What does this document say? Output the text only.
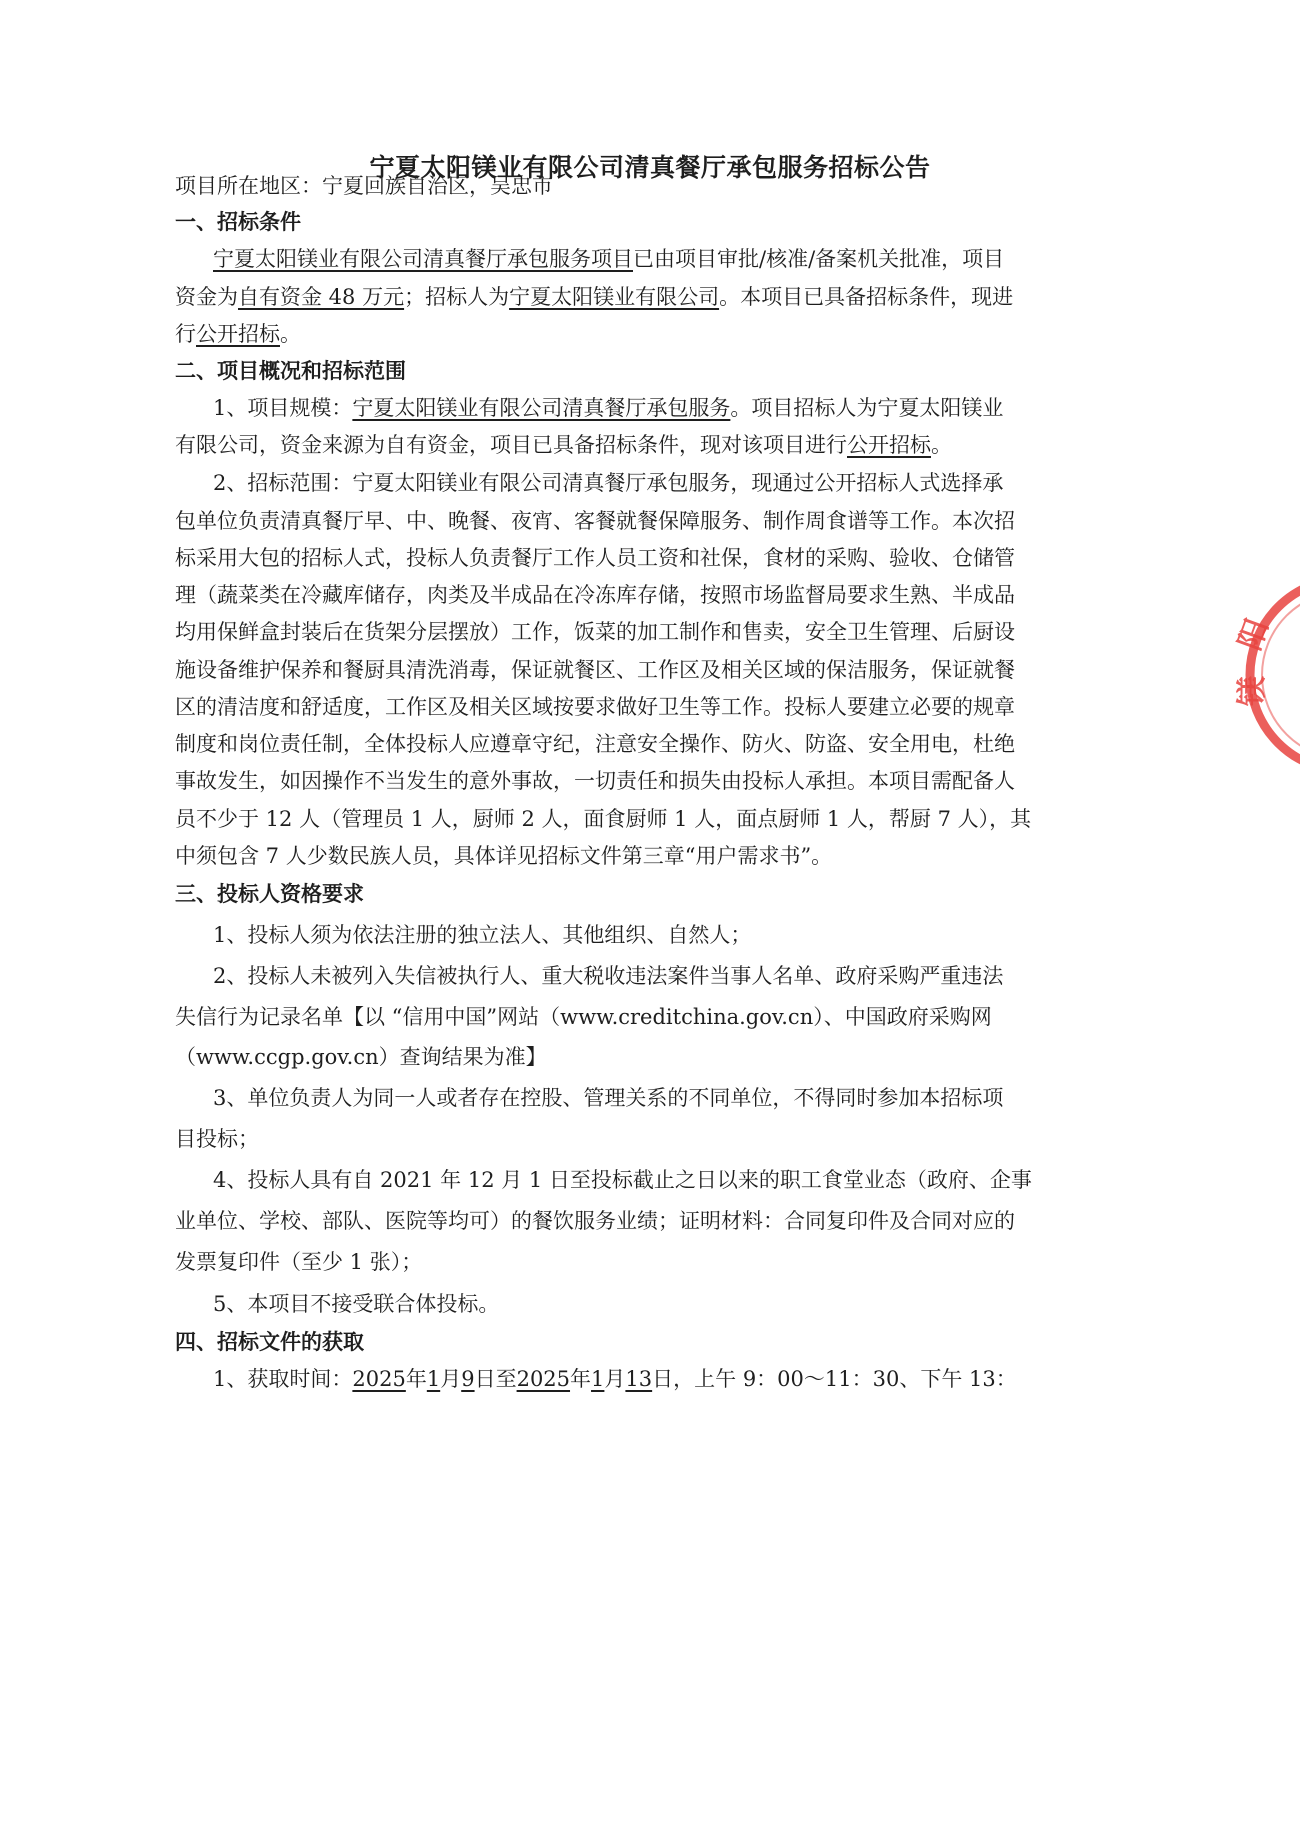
宁夏太阳镁业有限公司清真餐厅承包服务招标公告
项目所在地区：宁夏回族自治区，吴忠市
一、招标条件
宁夏太阳镁业有限公司清真餐厅承包服务项目已由项目审批/核准/备案机关批准，项目
资金为自有资金 48 万元；招标人为宁夏太阳镁业有限公司。本项目已具备招标条件，现进
行公开招标。
二、项目概况和招标范围
1、项目规模：宁夏太阳镁业有限公司清真餐厅承包服务。项目招标人为宁夏太阳镁业
有限公司，资金来源为自有资金，项目已具备招标条件，现对该项目进行公开招标。
2、招标范围：宁夏太阳镁业有限公司清真餐厅承包服务，现通过公开招标人式选择承
包单位负责清真餐厅早、中、晚餐、夜宵、客餐就餐保障服务、制作周食谱等工作。本次招
标采用大包的招标人式，投标人负责餐厅工作人员工资和社保，食材的采购、验收、仓储管
理（蔬菜类在冷藏库储存，肉类及半成品在冷冻库存储，按照市场监督局要求生熟、半成品
均用保鲜盒封装后在货架分层摆放）工作，饭菜的加工制作和售卖，安全卫生管理、后厨设
施设备维护保养和餐厨具清洗消毒，保证就餐区、工作区及相关区域的保洁服务，保证就餐
区的清洁度和舒适度，工作区及相关区域按要求做好卫生等工作。投标人要建立必要的规章
制度和岗位责任制，全体投标人应遵章守纪，注意安全操作、防火、防盗、安全用电，杜绝
事故发生，如因操作不当发生的意外事故，一切责任和损失由投标人承担。本项目需配备人
员不少于 12 人（管理员 1 人，厨师 2 人，面食厨师 1 人，面点厨师 1 人，帮厨 7 人），其
中须包含 7 人少数民族人员，具体详见招标文件第三章“用户需求书”。
三、投标人资格要求
1、投标人须为依法注册的独立法人、其他组织、自然人；
2、投标人未被列入失信被执行人、重大税收违法案件当事人名单、政府采购严重违法
失信行为记录名单【以 “信用中国”网站（www.creditchina.gov.cn）、中国政府采购网
（www.ccgp.gov.cn）查询结果为准】
3、单位负责人为同一人或者存在控股、管理关系的不同单位，不得同时参加本招标项
目投标；
4、投标人具有自 2021 年 12 月 1 日至投标截止之日以来的职工食堂业态（政府、企事
业单位、学校、部队、医院等均可）的餐饮服务业绩；证明材料：合同复印件及合同对应的
发票复印件（至少 1 张）；
5、本项目不接受联合体投标。
四、招标文件的获取
1、获取时间：2025年1月9日至2025年1月13日，上午 9：00～11：30、下午 13：
阳
镁
